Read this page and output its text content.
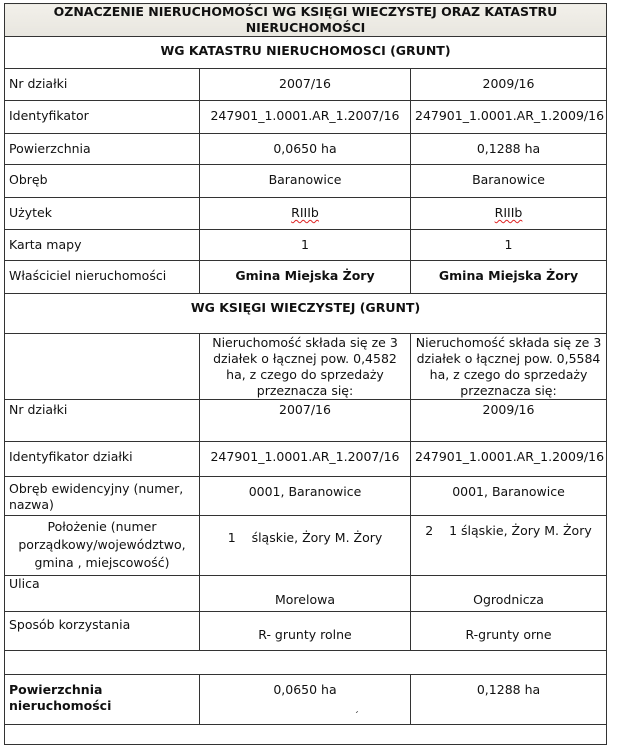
OZNACZENIE NIERUCHOMOŚCI WG KSIĘGI WIECZYSTEJ ORAZ KATASTRU NIERUCHOMOŚCI		
WG KATASTRU NIERUCHOMOSCI (GRUNT)		
Nr działki	2007/16	2009/16
Identyfikator	247901_1.0001.AR_1.2007/16	247901_1.0001.AR_1.2009/16
Powierzchnia	0,0650 ha	0,1288 ha
Obręb	Baranowice	Baranowice
Użytek	RIIIb	RIIIb
Karta mapy	1	1
Właściciel nieruchomości	Gmina Miejska Żory	Gmina Miejska Żory
WG KSIĘGI WIECZYSTEJ (GRUNT)		
	Nieruchomość składa się ze 3 działek o łącznej pow. 0,4582 ha, z czego do sprzedaży przeznacza się:	Nieruchomość składa się ze 3 działek o łącznej pow. 0,5584 ha, z czego do sprzedaży przeznacza się:
Nr działki	2007/16	2009/16
Identyfikator działki	247901_1.0001.AR_1.2007/16	247901_1.0001.AR_1.2009/16
Obręb ewidencyjny (numer, nazwa)	0001, Baranowice	0001, Baranowice
Położenie (numer porządkowy/województwo, gmina , miejscowość)	1    śląskie, Żory M. Żory	2    1 śląskie, Żory M. Żory
Ulica	Morelowa	Ogrodnicza
Sposób korzystania	R- grunty rolne	R-grunty orne

Powierzchnia nieruchomości	0,0650 ha	0,1288 ha

´
